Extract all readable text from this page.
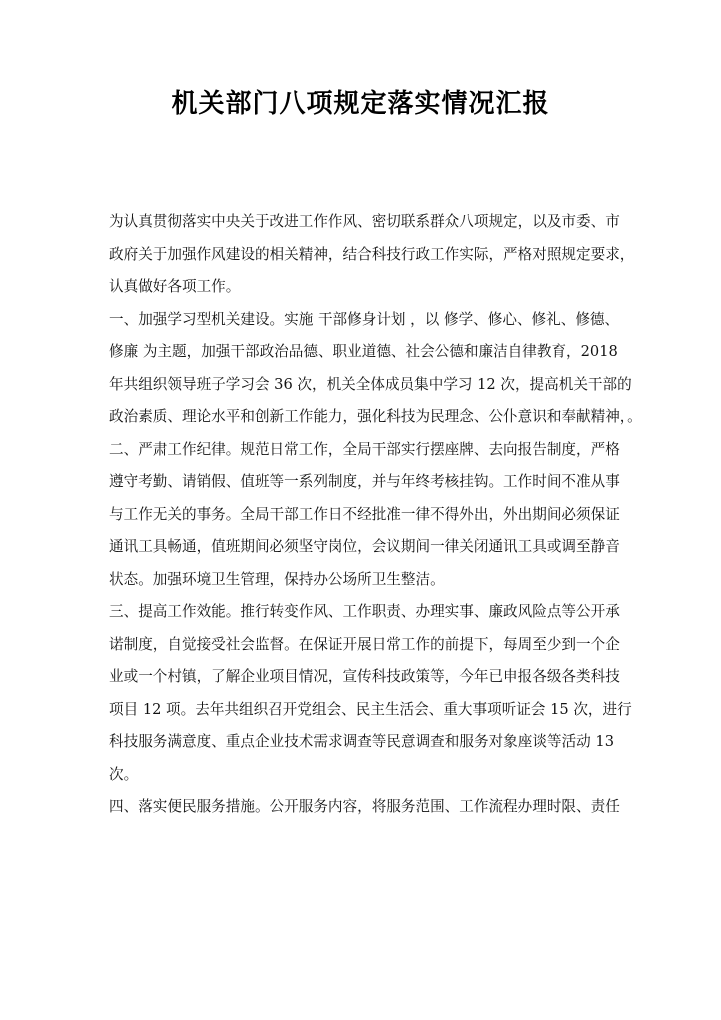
机关部门八项规定落实情况汇报
为认真贯彻落实中央关于改进工作作风、密切联系群众八项规定，以及市委、市
政府关于加强作风建设的相关精神，结合科技行政工作实际，严格对照规定要求，
认真做好各项工作。
一、加强学习型机关建设。实施 干部修身计划 ，以 修学、修心、修礼、修德、
修廉 为主题，加强干部政治品德、职业道德、社会公德和廉洁自律教育，2018
年共组织领导班子学习会 36 次，机关全体成员集中学习 12 次，提高机关干部的
政治素质、理论水平和创新工作能力，强化科技为民理念、公仆意识和奉献精神，。
二、严肃工作纪律。规范日常工作，全局干部实行摆座牌、去向报告制度，严格
遵守考勤、请销假、值班等一系列制度，并与年终考核挂钩。工作时间不准从事
与工作无关的事务。全局干部工作日不经批准一律不得外出，外出期间必须保证
通讯工具畅通，值班期间必须坚守岗位，会议期间一律关闭通讯工具或调至静音
状态。加强环境卫生管理，保持办公场所卫生整洁。
三、提高工作效能。推行转变作风、工作职责、办理实事、廉政风险点等公开承
诺制度，自觉接受社会监督。在保证开展日常工作的前提下，每周至少到一个企
业或一个村镇，了解企业项目情况，宣传科技政策等，今年已申报各级各类科技
项目 12 项。去年共组织召开党组会、民主生活会、重大事项听证会 15 次，进行
科技服务满意度、重点企业技术需求调查等民意调查和服务对象座谈等活动 13
次。
四、落实便民服务措施。公开服务内容，将服务范围、工作流程办理时限、责任
